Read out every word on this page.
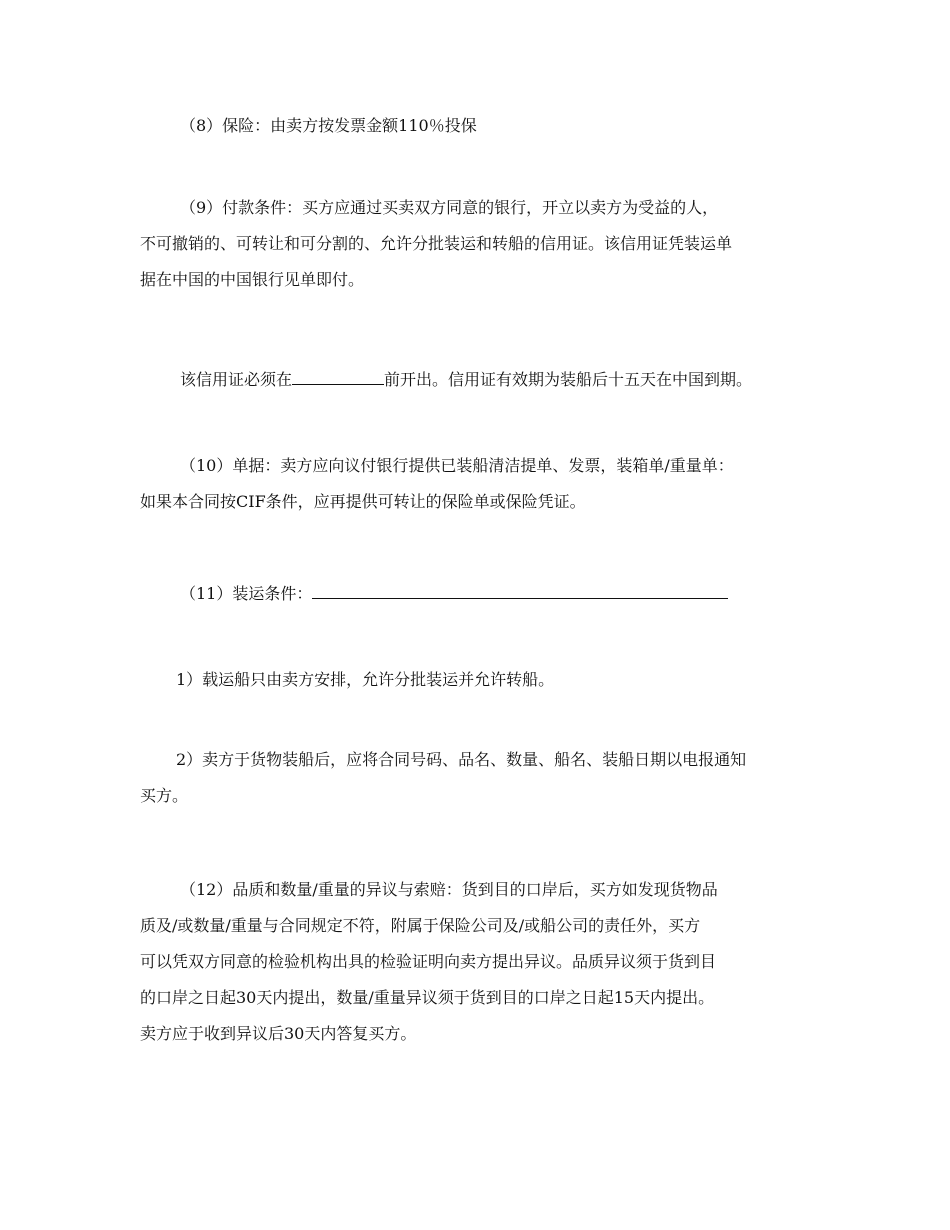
（8）保险：由卖方按发票金额110％投保

（9）付款条件：买方应通过买卖双方同意的银行，开立以卖方为受益的人，
不可撤销的、可转让和可分割的、允许分批装运和转船的信用证。该信用证凭装运单
据在中国的中国银行见单即付。

该信用证必须在	前开出。信用证有效期为装船后十五天在中国到期。

（10）单据：卖方应向议付银行提供已装船清洁提单、发票，装箱单/重量单：
如果本合同按CIF条件，应再提供可转让的保险单或保险凭证。

（11）装运条件：

1）载运船只由卖方安排，允许分批装运并允许转船。

2）卖方于货物装船后，应将合同号码、品名、数量、船名、装船日期以电报通知
买方。

（12）品质和数量/重量的异议与索赔：货到目的口岸后，买方如发现货物品
质及/或数量/重量与合同规定不符，附属于保险公司及/或船公司的责任外，买方
可以凭双方同意的检验机构出具的检验证明向卖方提出异议。品质异议须于货到目
的口岸之日起30天内提出，数量/重量异议须于货到目的口岸之日起15天内提出。
卖方应于收到异议后30天内答复买方。
